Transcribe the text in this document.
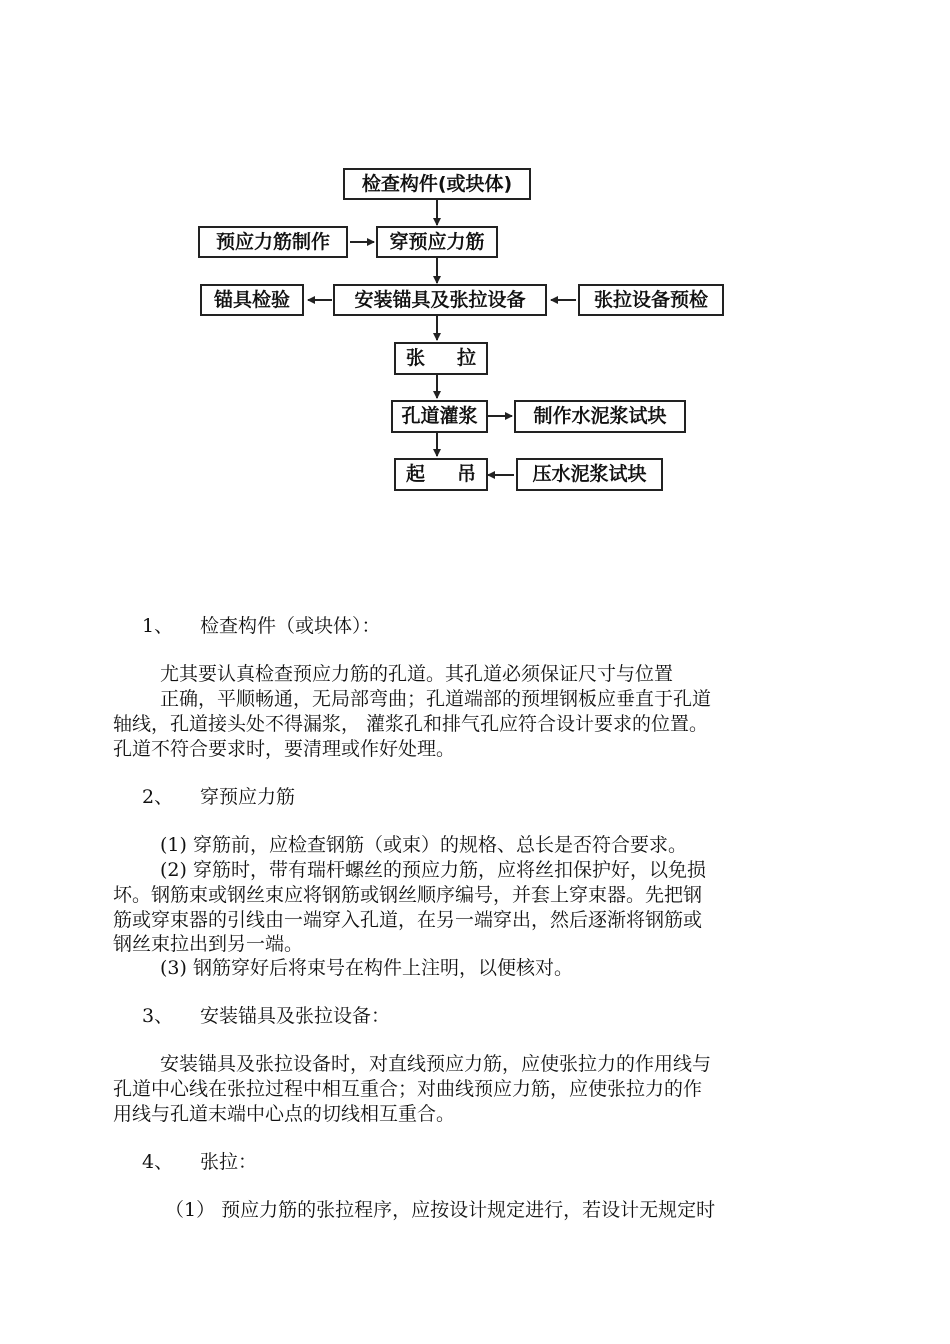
检查构件(或块体)
预应力筋制作	穿预应力筋
锚具检验	安装锚具及张拉设备	张拉设备预检
张 拉
孔道灌浆	制作水泥浆试块
起 吊	压水泥浆试块
1、 检查构件（或块体）：
尤其要认真检查预应力筋的孔道。其孔道必须保证尺寸与位置
正确，平顺畅通，无局部弯曲；孔道端部的预埋钢板应垂直于孔道
轴线，孔道接头处不得漏浆， 灌浆孔和排气孔应符合设计要求的位置。
孔道不符合要求时，要清理或作好处理。
2、 穿预应力筋
(1) 穿筋前，应检查钢筋（或束）的规格、总长是否符合要求。
(2) 穿筋时，带有瑞杆螺丝的预应力筋，应将丝扣保护好，以免损
坏。钢筋束或钢丝束应将钢筋或钢丝顺序编号，并套上穿束器。先把钢
筋或穿束器的引线由一端穿入孔道，在另一端穿出，然后逐渐将钢筋或
钢丝束拉出到另一端。
(3) 钢筋穿好后将束号在构件上注明，以便核对。
3、 安装锚具及张拉设备：
安装锚具及张拉设备时，对直线预应力筋，应使张拉力的作用线与
孔道中心线在张拉过程中相互重合；对曲线预应力筋，应使张拉力的作
用线与孔道末端中心点的切线相互重合。
4、 张拉：
（1） 预应力筋的张拉程序，应按设计规定进行，若设计无规定时
